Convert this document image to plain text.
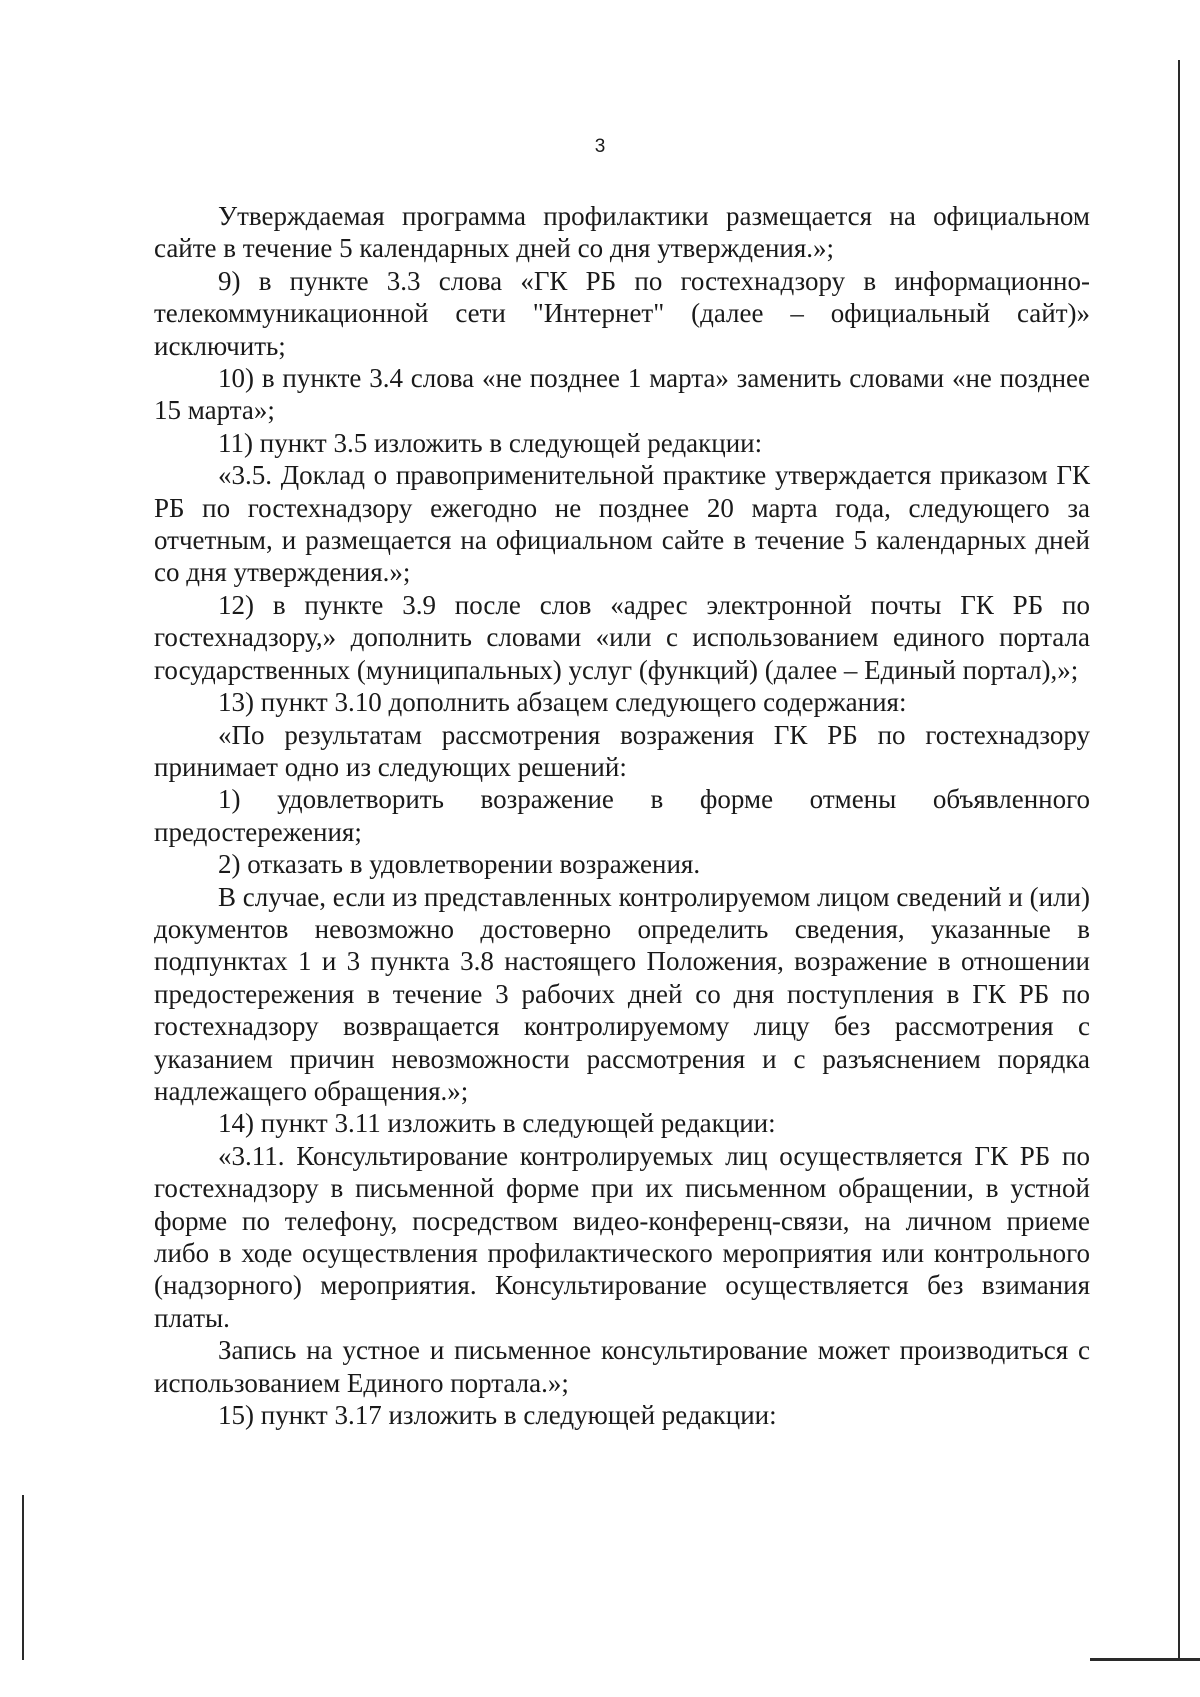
3

Утверждаемая программа профилактики размещается на официальном сайте в течение 5 календарных дней со дня утверждения.»;

9) в пункте 3.3 слова «ГК РБ по гостехнадзору в информационно-телекоммуникационной сети "Интернет" (далее – официальный сайт)» исключить;

10) в пункте 3.4 слова «не позднее 1 марта» заменить словами «не позднее 15 марта»;

11) пункт 3.5 изложить в следующей редакции:

«3.5. Доклад о правоприменительной практике утверждается приказом ГК РБ по гостехнадзору ежегодно не позднее 20 марта года, следующего за отчетным, и размещается на официальном сайте в течение 5 календарных дней со дня утверждения.»;

12) в пункте 3.9 после слов «адрес электронной почты ГК РБ по гостехнадзору,» дополнить словами «или с использованием единого портала государственных (муниципальных) услуг (функций) (далее – Единый портал),»;

13) пункт 3.10 дополнить абзацем следующего содержания:

«По результатам рассмотрения возражения ГК РБ по гостехнадзору принимает одно из следующих решений:

1) удовлетворить возражение в форме отмены объявленного предостережения;

2) отказать в удовлетворении возражения.

В случае, если из представленных контролируемом лицом сведений и (или) документов невозможно достоверно определить сведения, указанные в подпунктах 1 и 3 пункта 3.8 настоящего Положения, возражение в отношении предостережения в течение 3 рабочих дней со дня поступления в ГК РБ по гостехнадзору возвращается контролируемому лицу без рассмотрения с указанием причин невозможности рассмотрения и с разъяснением порядка надлежащего обращения.»;

14) пункт 3.11 изложить в следующей редакции:

«3.11. Консультирование контролируемых лиц осуществляется ГК РБ по гостехнадзору в письменной форме при их письменном обращении, в устной форме по телефону, посредством видео-конференц-связи, на личном приеме либо в ходе осуществления профилактического мероприятия или контрольного (надзорного) мероприятия. Консультирование осуществляется без взимания платы.

Запись на устное и письменное консультирование может производиться с использованием Единого портала.»;

15) пункт 3.17 изложить в следующей редакции:
